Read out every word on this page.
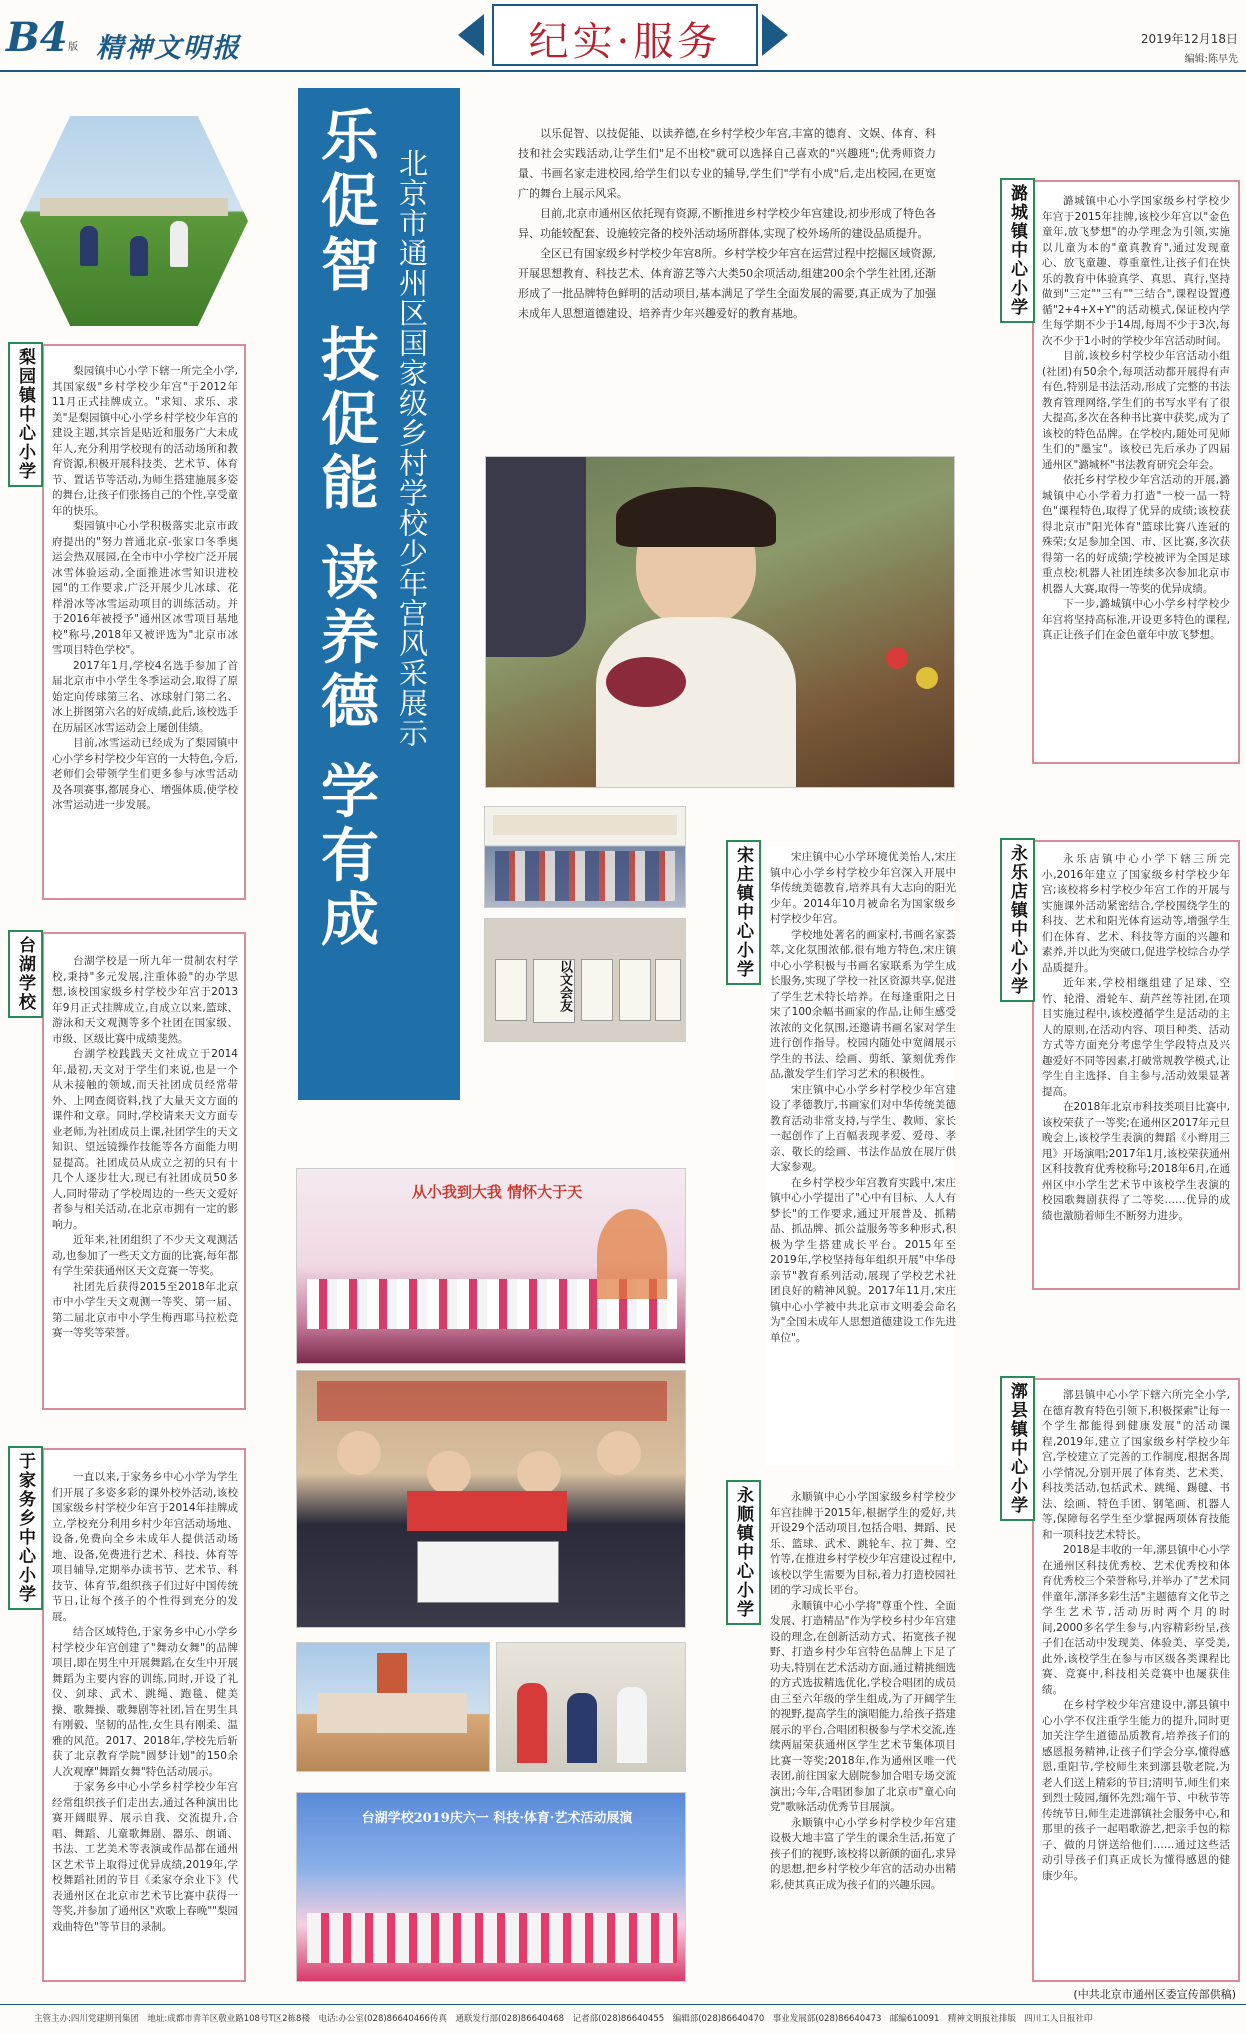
B4 版 精神文明报	纪实·服务	2019年12月18日
编辑:陈早先
乐促智 技促能 读养德 学有成 北京市通州区国家级乡村学校少年宫风采展示

以乐促智、以技促能、以读养德,在乡村学校少年宫,丰富的德育、文娱、体育、科技和社会实践活动,让学生们"足不出校"就可以选择自己喜欢的"兴趣班";优秀师资力量、书画名家走进校园,给学生们以专业的辅导,学生们"学有小成"后,走出校园,在更宽广的舞台上展示风采。

目前,北京市通州区依托现有资源,不断推进乡村学校少年宫建设,初步形成了特色各异、功能较配套、设施较完备的校外活动场所群体,实现了校外场所的建设品质提升。

全区已有国家级乡村学校少年宫8所。乡村学校少年宫在运营过程中挖掘区域资源,开展思想教育、科技艺术、体育游艺等六大类50余项活动,组建200余个学生社团,还渐形成了一批品牌特色鲜明的活动项目,基本满足了学生全面发展的需要,真正成为了加强未成年人思想道德建设、培养青少年兴趣爱好的教育基地。

梨园镇中心小学	梨园镇中心小学下辖一所完全小学,其国家级"乡村学校少年宫"于2012年11月正式挂牌成立。"求知、求乐、求美"是梨园镇中心小学乡村学校少年宫的建设主题,其宗旨是贴近和服务广大未成年人,充分利用学校现有的活动场所和教育资源,积极开展科技类、艺术节、体育节、置话节等活动,为师生搭建施展多姿的舞台,让孩子们张扬自己的个性,享受童年的快乐。

梨园镇中心小学积极落实北京市政府提出的"努力普通北京-张家口冬季奥运会热双展园,在全市中小学校广泛开展冰雪体验运动,全面推进冰雪知识进校园"的工作要求,广泛开展少儿冰球、花样滑冰等冰雪运动项目的训练活动。并于2016年被授予"通州区冰雪项目基地校"称号,2018年又被评选为"北京市冰雪项目特色学校"。

2017年1月,学校4名选手参加了首届北京市中小学生冬季运动会,取得了原始定向传球第三名、冰球射门第二名、冰上拼图第六名的好成绩,此后,该校选手在历届区冰雪运动会上屡创佳绩。

目前,冰雪运动已经成为了梨园镇中心小学乡村学校少年宫的一大特色,今后,老师们会带领学生们更多参与冰雪活动及各项赛事,都展身心、增强体质,使学校冰雪运动进一步发展。

台湖学校	台湖学校是一所九年一贯制农村学校,秉持"多元发展,注重体验"的办学思想,该校国家级乡村学校少年宫于2013年9月正式挂牌成立,自成立以来,篮球、游泳和天文观测等多个社团在国家级、市级、区级比赛中成绩斐然。

台湖学校践践天文社成立于2014年,最初,天文对于学生们来说,也是一个从未接触的领域,而天社团成员经常带外、上网查阅资料,找了大量天文方面的课件和文章。同时,学校请来天文方面专业老师,为社团成员上课,社团学生的天文知识、望远镜操作技能等各方面能力明显提高。社团成员从成立之初的只有十几个人逐步壮大,现已有社团成员50多人,同时带动了学校周边的一些天文爱好者参与相关活动,在北京市拥有一定的影响力。

近年来,社团组织了不少天文观测活动,也参加了一些天文方面的比赛,每年都有学生荣获通州区天文竞赛一等奖。

社团先后获得2015至2018年北京市中小学生天文观测一等奖、第一届、第二届北京市中小学生梅西耶马拉松竞赛一等奖等荣誉。

于家务乡中心小学	一直以来,于家务乡中心小学为学生们开展了多姿多彩的课外校外活动,该校国家级乡村学校少年宫于2014年挂牌成立,学校充分利用乡村少年宫活动场地、设备,免费向全乡未成年人提供活动场地、设备,免费进行艺术、科技、体育等项目辅导,定期举办读书节、艺术节、科技节、体育节,组织孩子们过好中国传统节日,让每个孩子的个性得到充分的发展。

结合区域特色,于家务乡中心小学乡村学校少年宫创建了"舞动女舞"的品牌项目,即在男生中开展舞蹈,在女生中开展舞蹈为主要内容的训练,同时,开设了礼仪、剑球、武术、跳绳、跑毯、健美操、歌舞操、歌舞剧等社团,旨在男生具有刚毅、坚韧的品性,女生具有刚柔、温雅的风范。2017、2018年,学校先后斩获了北京教育学院"圆梦计划"的150余人次观摩"舞蹈女舞"特色活动展示。

于家务乡中心小学乡村学校少年宫经常组织孩子们走出去,通过各种演出比赛开阔眼界、展示自我、交流提升,合唱、舞蹈、儿童歌舞剧、器乐、朗诵、书法、工艺美术等表演或作品都在通州区艺术节上取得过优异成绩,2019年,学校舞蹈社团的节目《柔家夺余业下》代表通州区在北京市艺术节比赛中获得一等奖,并参加了通州区"欢歌上春晚""梨园戏曲特色"等节目的录制。

以文会友
从小我到大我 情怀大于天
台湖学校2019庆六一 科技·体育·艺术活动展演
宋庄镇中心小学	宋庄镇中心小学环境优美怡人,宋庄镇中心小学乡村学校少年宫深入开展中华传统美德教育,培养具有大志向的阳光少年。2014年10月被命名为国家级乡村学校少年宫。

学校地处著名的画家村,书画名家荟萃,文化氛围浓郁,很有地方特色,宋庄镇中心小学积极与书画名家联系为学生成长服务,实现了学校一社区资源共享,促进了学生艺术特长培养。在每逢重阳之日宋了100余幅书画家的作品,让师生感受浓浓的文化氛围,还邀请书画名家对学生进行创作指导。校园内随处中宽阔展示学生的书法、绘画、剪纸、篆刻优秀作品,激发学生们学习艺术的积极性。

宋庄镇中心小学乡村学校少年宫建设了孝德教厅,书画家们对中华传统美德教育活动非常支持,与学生、教师、家长一起创作了上百幅表现孝爱、爱母、孝亲、敬长的绘画、书法作品放在展厅供大家参观。

在乡村学校少年宫教育实践中,宋庄镇中心小学提出了"心中有目标、人人有梦长"的工作要求,通过开展普及、抓精品、抓品牌、抓公益服务等多种形式,积极为学生搭建成长平台。2015年至2019年,学校坚持每年组织开展"中华母亲节"教育系列活动,展现了学校艺术社团良好的精神风貌。2017年11月,宋庄镇中心小学被中共北京市文明委会命名为"全国未成年人思想道德建设工作先进单位"。

永顺镇中心小学	永顺镇中心小学国家级乡村学校少年宫挂牌于2015年,根据学生的爱好,共开设29个活动项目,包括合唱、舞蹈、民乐、篮球、武术、跳轮车、拉丁舞、空竹等,在推进乡村学校少年宫建设过程中,该校以学生需要为目标,着力打造校园社团的学习成长平台。

永顺镇中心小学将"尊重个性、全面发展、打造精品"作为学校乡村少年宫建设的理念,在创新活动方式、拓宽孩子视野、打造乡村少年宫特色品牌上下足了功夫,特别在艺术活动方面,通过精挑细选的方式选拔精选优化,学校合唱团的成员由三至六年级的学生组成,为了开阔学生的视野,提高学生的演唱能力,给孩子搭建展示的平台,合唱团积极参与学术交流,连续两届荣获通州区学生艺术节集体项目比赛一等奖;2018年,作为通州区唯一代表团,前往国家大剧院参加合唱专场交流演出;今年,合唱团参加了北京市"童心向党"歌咏活动优秀节目展演。

永顺镇中心小学乡村学校少年宫建设极大地丰富了学生的课余生活,拓宽了孩子们的视野,该校将以新颜的面孔,求异的思想,把乡村学校少年宫的活动办出精彩,使其真正成为孩子们的兴趣乐园。

潞城镇中心小学	潞城镇中心小学国家级乡村学校少年宫于2015年挂牌,该校少年宫以"金色童年,放飞梦想"的办学理念为引领,实施以儿童为本的"童真教育",通过发现童心、放飞童趣、尊重童性,让孩子们在快乐的教育中体验真学、真思、真行,坚持做到"三定""三有""三结合",课程设置遵循"2+4+X+Y"的活动模式,保证校内学生每学期不少于14周,每周不少于3次,每次不少于1小时的学校少年宫活动时间。

目前,该校乡村学校少年宫活动小组(社团)有50余个,每项活动都开展得有声有色,特别是书法活动,形成了完整的书法教育管理网络,学生们的书写水平有了很大提高,多次在各种书比赛中获奖,成为了该校的特色品牌。在学校内,随处可见师生们的"墨宝"。该校已先后承办了四届通州区"潞城杯"书法教育研究会年会。

依托乡村学校少年宫活动的开展,潞城镇中心小学着力打造"一校一品一特色"课程特色,取得了优异的成绩;该校获得北京市"阳光体育"篮球比赛八连冠的殊荣;女足参加全国、市、区比赛,多次获得第一名的好成绩;学校被评为全国足球重点校;机器人社团连续多次参加北京市机器人大赛,取得一等奖的优异成绩。

下一步,潞城镇中心小学乡村学校少年宫将坚持高标准,开设更多特色的课程,真正让孩子们在金色童年中放飞梦想。

永乐店镇中心小学	永乐店镇中心小学下辖三所完小,2016年建立了国家级乡村学校少年宫;该校将乡村学校少年宫工作的开展与实施课外活动紧密结合,学校围绕学生的科技、艺术和阳光体育运动等,增强学生们在体育、艺术、科技等方面的兴趣和素养,并以此为突破口,促进学校综合办学品质提升。

近年来,学校相继组建了足球、空竹、轮滑、滑轮车、葫芦丝等社团,在项目实施过程中,该校遵循学生是活动的主人的原则,在活动内容、项目种类、活动方式等方面充分考虑学生学段特点及兴趣爱好不同等因素,打破常规教学模式,让学生自主选择、自主参与,活动效果显著提高。

在2018年北京市科技类项目比赛中,该校荣获了一等奖;在通州区2017年元旦晚会上,该校学生表演的舞蹈《小辫用三甩》开场演唱;2017年1月,该校荣获通州区科技教育优秀校称号;2018年6月,在通州区中小学生艺术节中该校学生表演的校园歌舞剧获得了二等奖……优异的成绩也激励着师生不断努力进步。

漷县镇中心小学	漷县镇中心小学下辖六所完全小学,在德育教育特色引领下,积极探索"让每一个学生都能得到健康发展"的活动课程,2019年,建立了国家级乡村学校少年宫,学校建立了完善的工作制度,根据各周小学情况,分别开展了体育类、艺术类、科技类活动,包括武术、跳绳、踢毽、书法、绘画、特色手团、钢笔画、机器人等,保障每名学生至少掌握两项体育技能和一项科技艺术特长。

2018是丰收的一年,漷县镇中心小学在通州区科技优秀校、艺术优秀校和体育优秀校三个荣誉称号,并举办了"艺术同伴童年,漷泽多彩生活"主题德育文化节之学生艺术节,活动历时两个月的时间,2000多名学生参与,内容精彩纷呈,孩子们在活动中发现美、体验美、享受美,此外,该校学生在参与市区级各类课程比赛、竞赛中,科技相关竞赛中也屡获佳绩。

在乡村学校少年宫建设中,漷县镇中心小学不仅注重学生能力的提升,同时更加关注学生道德品质教育,培养孩子们的感恩报务精神,让孩子们学会分享,懂得感恩,重阳节,学校师生来到漷县敬老院,为老人们送上精彩的节目;清明节,师生们来到烈士陵园,缅怀先烈;端午节、中秋节等传统节日,师生走进漷镇社会服务中心,和那里的孩子一起唱歌游艺,把亲手包的粽子、做的月饼送给他们……通过这些活动引导孩子们真正成长为懂得感恩的健康少年。

(中共北京市通州区委宣传部供稿)
主管主办:四川党建期刊集团　地址:成都市青羊区敬业路108号T区2栋8楼　电话:办公室(028)86640466传真　通联发行部(028)86640468　记者部(028)86640455　编辑部(028)86640470　事业发展部(028)86640473　邮编610091　精神文明报社排版　四川工人日报社印
